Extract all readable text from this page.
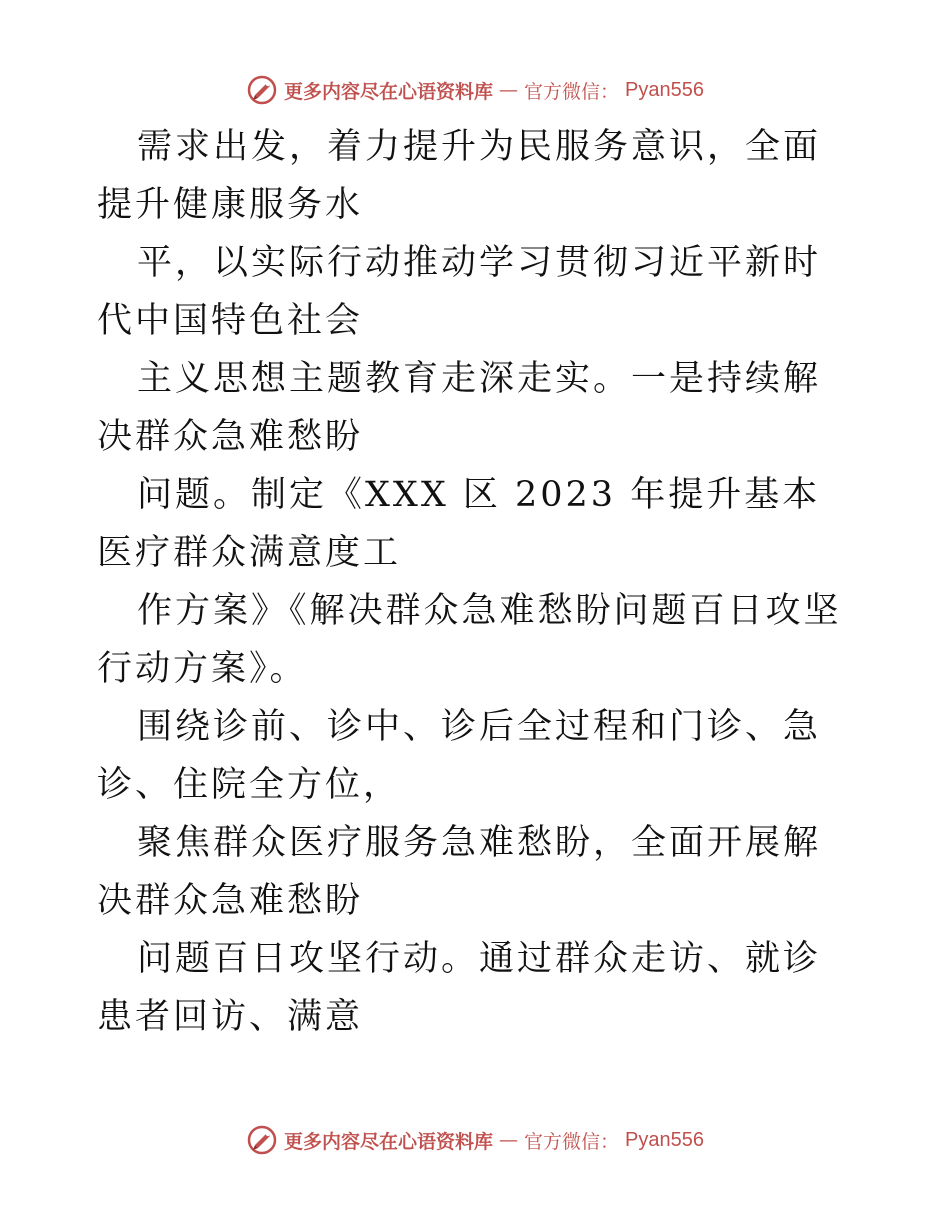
更多内容尽在心语资料库 — 官方微信： Pyan556

需求出发，着力提升为民服务意识，全面提升健康服务水

平，以实际行动推动学习贯彻习近平新时代中国特色社会

主义思想主题教育走深走实。一是持续解决群众急难愁盼

问题。制定《XXX 区 2023 年提升基本医疗群众满意度工

作方案》《解决群众急难愁盼问题百日攻坚行动方案》。

围绕诊前、诊中、诊后全过程和门诊、急诊、住院全方位，

聚焦群众医疗服务急难愁盼，全面开展解决群众急难愁盼

问题百日攻坚行动。通过群众走访、就诊患者回访、满意

更多内容尽在心语资料库 — 官方微信： Pyan556
